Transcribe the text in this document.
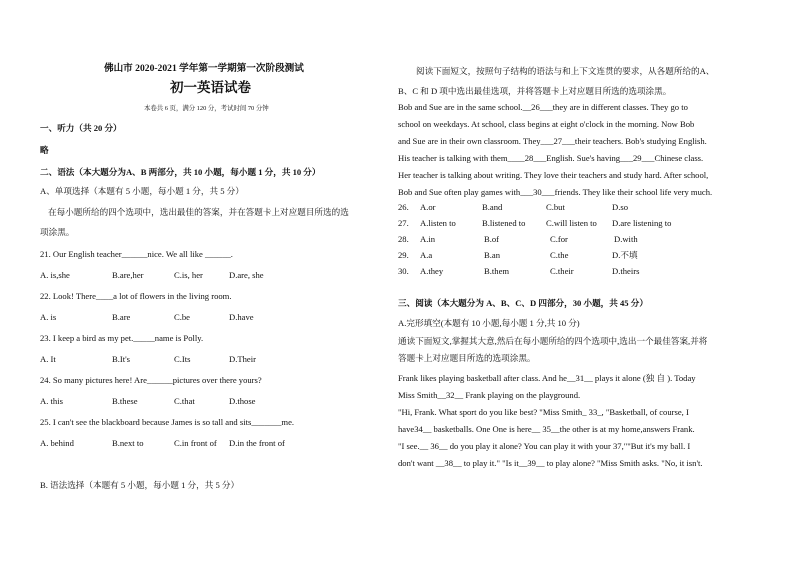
佛山市 2020-2021 学年第一学期第一次阶段测试
初一英语试卷
本卷共 6 页，满分 120 分，考试时间 70 分钟
一、听力（共 20 分）
略
二、语法（本大题分为A、B 两部分，共 10 小题，每小题 1 分，共 10 分）
A、单项选择（本题有 5 小题，每小题 1 分，共 5 分）
在每小题所给的四个选项中，选出最佳的答案，并在答题卡上对应题目所选的选
项涂黑。
21. Our English teacher______nice. We all like ______.
A. is,she	B.are,her	C.is, her	D.are, she
22. Look! There____a lot of flowers in the living room.
A. is	B.are	C.be	D.have
23. I keep a bird as my pet._____name is Polly.
A. It	B.It's	C.Its	D.Their
24. So many pictures here! Are______pictures over there yours?
A. this	B.these	C.that	D.those
25. I can't see the blackboard because James is so tall and sits_______me.
A. behind	B.next to	C.in front of D.in the front of
B. 语法选择（本题有 5 小题，每小题 1 分，共 5 分）
阅读下面短文，按照句子结构的语法与和上下文连贯的要求，从各题所给的A、
B、C 和 D 项中选出最佳选项，并将答题卡上对应题目所选的选项涂黑。
Bob and Sue are in the same school.__26___they are in different classes. They go to
school on weekdays. At school, class begins at eight o'clock in the morning. Now Bob
and Sue are in their own classroom. They___27___their teachers. Bob's studying English.
His teacher is talking with them____28___English. Sue's having___29___Chinese class.
Her teacher is talking about writing. They love their teachers and study hard. After school,
Bob and Sue often play games with___30___friends. They like their school life very much.
26. A.or	B.and	C.but	D.so
27. A.listen to	B.listened to C.will listen to D.are listening to
28. A.in	B.of	C.for	D.with
29. A.a	B.an	C.the	D.不填
30. A.they	B.them	C.their	D.theirs
三、阅读（本大题分为 A、B、C、D 四部分，30 小题，共 45 分）
A.完形填空(本题有 10 小题,每小题 1 分,共 10 分)
通读下面短文,掌握其大意,然后在每小题所给的四个选项中,选出一个最佳答案,并将
答题卡上对应题目所选的选项涂黑。
Frank likes playing basketball after class. And he__31__ plays it alone (独 自 ). Today
Miss Smith__32__ Frank playing on the playground.
"Hi, Frank. What sport do you like best? "Miss Smith_ 33_, "Basketball, of course, I
have34__ basketballs. One One is here__ 35__the other is at my home,answers Frank.
"I see.__ 36__ do you play it alone? You can play it with your 37,""But it's my ball. I
don't want __38__ to play it." "Is it__39__ to play alone? "Miss Smith asks. "No, it isn't.
